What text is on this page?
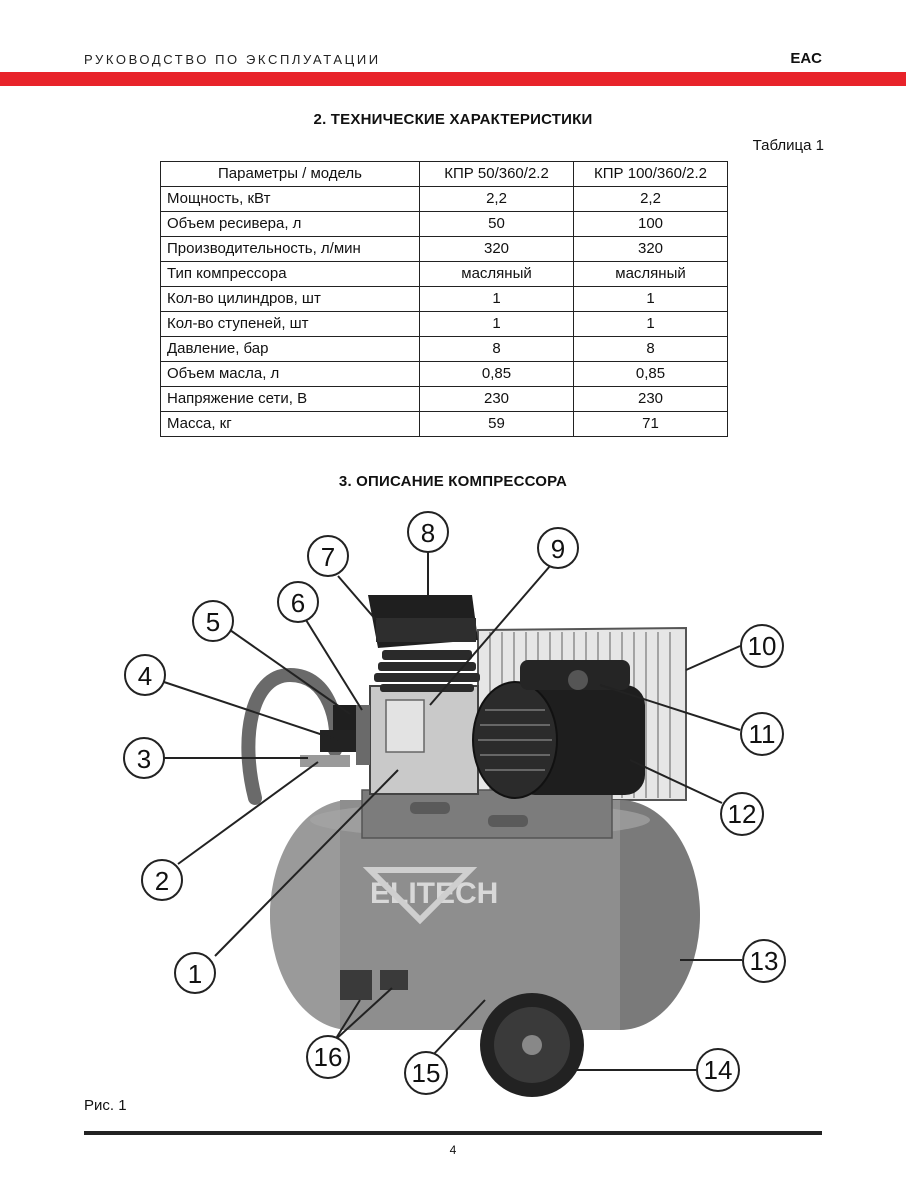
РУКОВОДСТВО ПО ЭКСПЛУАТАЦИИ	EAC
2. ТЕХНИЧЕСКИЕ ХАРАКТЕРИСТИКИ
Таблица 1
Параметры / модель	КПР 50/360/2.2	КПР 100/360/2.2
Мощность, кВт	2,2	2,2
Объем ресивера, л	50	100
Производительность, л/мин	320	320
Тип компрессора	масляный	масляный
Кол-во цилиндров, шт	1	1
Кол-во ступеней, шт	1	1
Давление, бар	8	8
Объем масла, л	0,85	0,85
Напряжение сети, В	230	230
Масса, кг	59	71
3. ОПИСАНИЕ КОМПРЕССОРА
ELITECH
1
2
3
4
5
6
7
8
9
10
11
12
13
14
15
16
Рис. 1
4
